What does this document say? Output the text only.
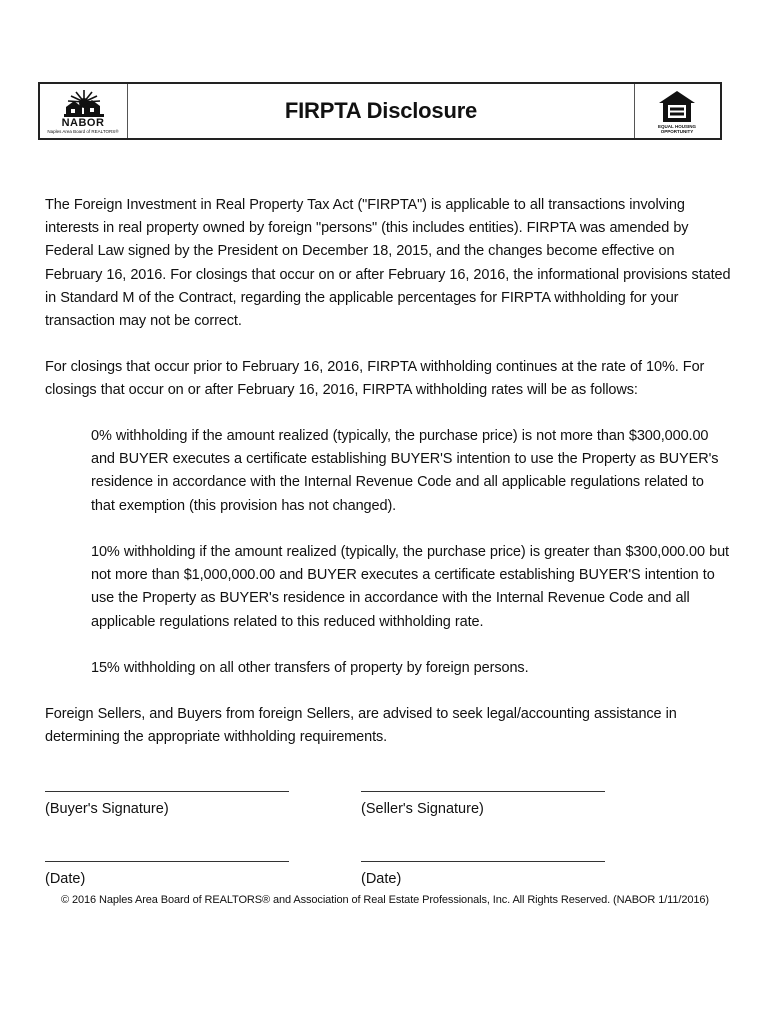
NABOR
Naples Area Board of REALTORS®
FIRPTA Disclosure
EQUAL HOUSING
OPPORTUNITY

The Foreign Investment in Real Property Tax Act ("FIRPTA") is applicable to all transactions involving interests in real property owned by foreign "persons" (this includes entities). FIRPTA was amended by Federal Law signed by the President on December 18, 2015, and the changes become effective on February 16, 2016. For closings that occur on or after February 16, 2016, the informational provisions stated in Standard M of the Contract, regarding the applicable percentages for FIRPTA withholding for your transaction may not be correct.

For closings that occur prior to February 16, 2016, FIRPTA withholding continues at the rate of 10%. For closings that occur on or after February 16, 2016, FIRPTA withholding rates will be as follows:

0% withholding if the amount realized (typically, the purchase price) is not more than $300,000.00 and BUYER executes a certificate establishing BUYER'S intention to use the Property as BUYER's residence in accordance with the Internal Revenue Code and all applicable regulations related to that exemption (this provision has not changed).

10% withholding if the amount realized (typically, the purchase price) is greater than $300,000.00 but not more than $1,000,000.00 and BUYER executes a certificate establishing BUYER'S intention to use the Property as BUYER's residence in accordance with the Internal Revenue Code and all applicable regulations related to this reduced withholding rate.

15% withholding on all other transfers of property by foreign persons.

Foreign Sellers, and Buyers from foreign Sellers, are advised to seek legal/accounting assistance in determining the appropriate withholding requirements.

(Buyer's Signature)	(Seller's Signature)
(Date)	(Date)
© 2016 Naples Area Board of REALTORS® and Association of Real Estate Professionals, Inc. All Rights Reserved. (NABOR 1/11/2016)
